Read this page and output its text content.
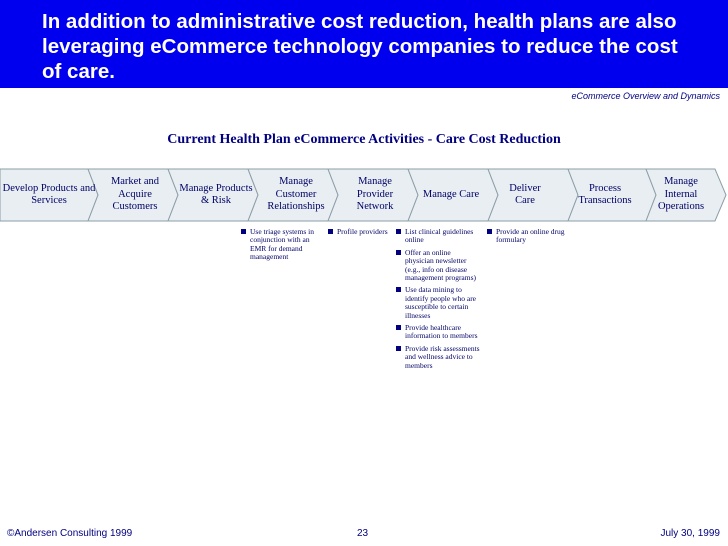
In addition to administrative cost reduction, health plans are also leveraging eCommerce technology companies to reduce the cost of care.
eCommerce Overview and Dynamics
Current Health Plan eCommerce Activities - Care Cost Reduction
Develop Products and Services
Market and Acquire Customers
Manage Products & Risk
Manage Customer Relationships
Manage Provider Network
Manage Care
Deliver Care
Process Transactions
Manage Internal Operations
Use triage systems in conjunction with an EMR for demand management
Profile providers	List clinical guidelines online
Offer an online physician newsletter (e.g., info on disease management programs)
Use data mining to identify people who are susceptible to certain illnesses
Provide healthcare information to members
Provide risk assessments and wellness advice to members
Provide an online drug formulary
©Andersen Consulting 1999	23	July 30, 1999
